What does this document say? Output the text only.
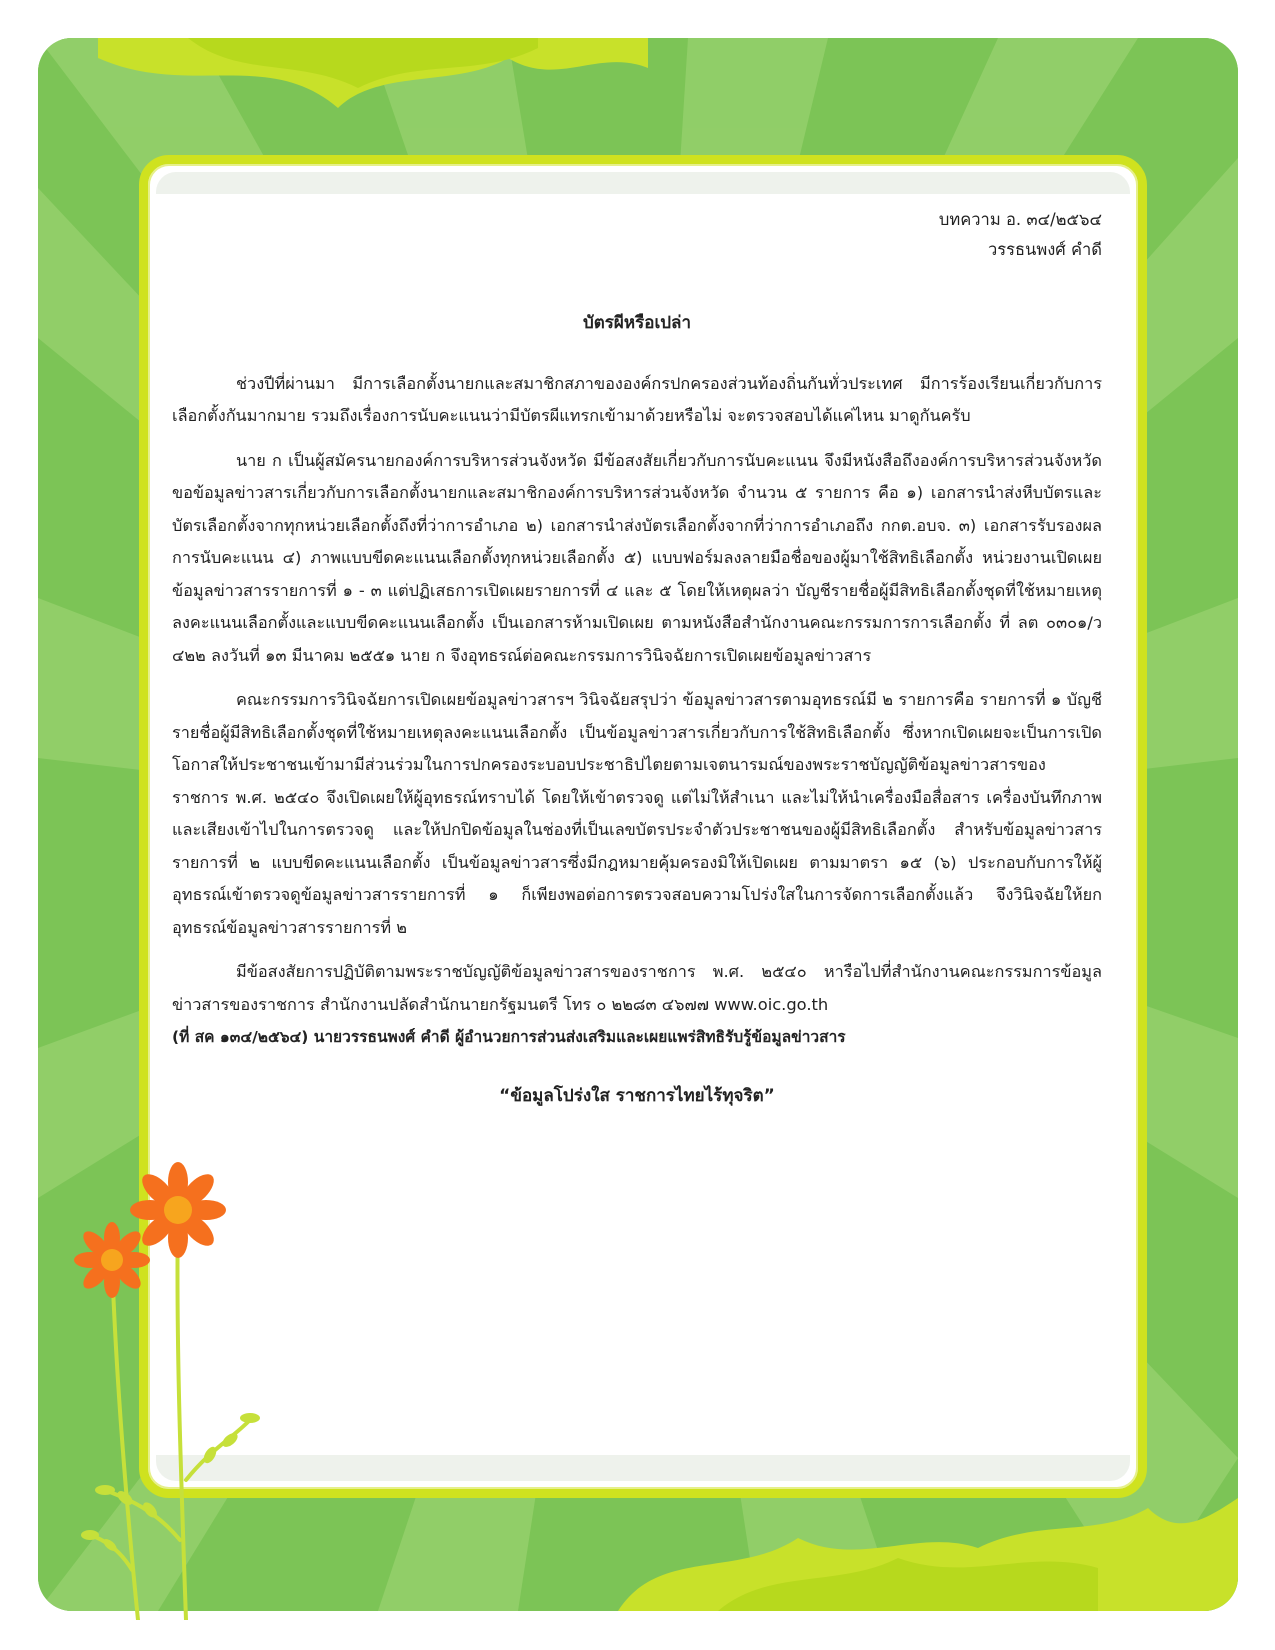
บทความ อ. ๓๔/๒๕๖๔
วรรธนพงศ์ คำดี
บัตรผีหรือเปล่า

ช่วงปีที่ผ่านมา มีการเลือกตั้งนายกและสมาชิกสภาขององค์กรปกครองส่วนท้องถิ่นกันทั่วประเทศ มีการร้องเรียนเกี่ยวกับการเลือกตั้งกันมากมาย รวมถึงเรื่องการนับคะแนนว่ามีบัตรผีแทรกเข้ามาด้วยหรือไม่ จะตรวจสอบได้แค่ไหน มาดูกันครับ

นาย ก เป็นผู้สมัครนายกองค์การบริหารส่วนจังหวัด มีข้อสงสัยเกี่ยวกับการนับคะแนน จึงมีหนังสือถึงองค์การบริหารส่วนจังหวัด ขอข้อมูลข่าวสารเกี่ยวกับการเลือกตั้งนายกและสมาชิกองค์การบริหารส่วนจังหวัด จำนวน ๕ รายการ คือ ๑) เอกสารนำส่งหีบบัตรและบัตรเลือกตั้งจากทุกหน่วยเลือกตั้งถึงที่ว่าการอำเภอ ๒) เอกสารนำส่งบัตรเลือกตั้งจากที่ว่าการอำเภอถึง กกต.อบจ. ๓) เอกสารรับรองผลการนับคะแนน ๔) ภาพแบบขีดคะแนนเลือกตั้งทุกหน่วยเลือกตั้ง ๕) แบบฟอร์มลงลายมือชื่อของผู้มาใช้สิทธิเลือกตั้ง หน่วยงานเปิดเผยข้อมูลข่าวสารรายการที่ ๑ - ๓ แต่ปฏิเสธการเปิดเผยรายการที่ ๔ และ ๕ โดยให้เหตุผลว่า บัญชีรายชื่อผู้มีสิทธิเลือกตั้งชุดที่ใช้หมายเหตุลงคะแนนเลือกตั้งและแบบขีดคะแนนเลือกตั้ง เป็นเอกสารห้ามเปิดเผย ตามหนังสือสำนักงานคณะกรรมการการเลือกตั้ง ที่ ลต ๐๓๐๑/ว ๔๒๒ ลงวันที่ ๑๓ มีนาคม ๒๕๕๑ นาย ก จึงอุทธรณ์ต่อคณะกรรมการวินิจฉัยการเปิดเผยข้อมูลข่าวสาร

คณะกรรมการวินิจฉัยการเปิดเผยข้อมูลข่าวสารฯ วินิจฉัยสรุปว่า ข้อมูลข่าวสารตามอุทธรณ์มี ๒ รายการคือ รายการที่ ๑ บัญชีรายชื่อผู้มีสิทธิเลือกตั้งชุดที่ใช้หมายเหตุลงคะแนนเลือกตั้ง เป็นข้อมูลข่าวสารเกี่ยวกับการใช้สิทธิเลือกตั้ง ซึ่งหากเปิดเผยจะเป็นการเปิดโอกาสให้ประชาชนเข้ามามีส่วนร่วมในการปกครองระบอบประชาธิปไตยตามเจตนารมณ์ของพระราชบัญญัติข้อมูลข่าวสารของราชการ พ.ศ. ๒๕๔๐ จึงเปิดเผยให้ผู้อุทธรณ์ทราบได้ โดยให้เข้าตรวจดู แต่ไม่ให้สำเนา และไม่ให้นำเครื่องมือสื่อสาร เครื่องบันทึกภาพและเสียงเข้าไปในการตรวจดู และให้ปกปิดข้อมูลในช่องที่เป็นเลขบัตรประจำตัวประชาชนของผู้มีสิทธิเลือกตั้ง สำหรับข้อมูลข่าวสารรายการที่ ๒ แบบขีดคะแนนเลือกตั้ง เป็นข้อมูลข่าวสารซึ่งมีกฎหมายคุ้มครองมิให้เปิดเผย ตามมาตรา ๑๕ (๖) ประกอบกับการให้ผู้อุทธรณ์เข้าตรวจดูข้อมูลข่าวสารรายการที่ ๑ ก็เพียงพอต่อการตรวจสอบความโปร่งใสในการจัดการเลือกตั้งแล้ว จึงวินิจฉัยให้ยกอุทธรณ์ข้อมูลข่าวสารรายการที่ ๒

มีข้อสงสัยการปฏิบัติตามพระราชบัญญัติข้อมูลข่าวสารของราชการ พ.ศ. ๒๕๔๐ หารือไปที่สำนักงานคณะกรรมการข้อมูลข่าวสารของราชการ สำนักงานปลัดสำนักนายกรัฐมนตรี โทร ๐ ๒๒๘๓ ๔๖๗๗ www.oic.go.th

(ที่ สค ๑๓๔/๒๕๖๔) นายวรรธนพงศ์ คำดี ผู้อำนวยการส่วนส่งเสริมและเผยแพร่สิทธิรับรู้ข้อมูลข่าวสาร
“ข้อมูลโปร่งใส ราชการไทยไร้ทุจริต”
